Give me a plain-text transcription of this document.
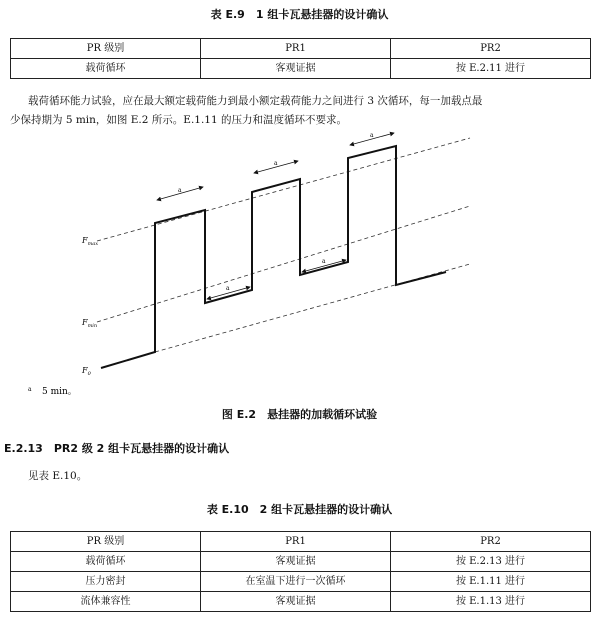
表 E.9　1 组卡瓦悬挂器的设计确认
PR 级别	PR1	PR2
载荷循环	客观证据	按 E.2.11 进行
载荷循环能力试验，应在最大额定载荷能力到最小额定载荷能力之间进行 3 次循环，每一加载点最
少保持期为 5 min，如图 E.2 所示。E.1.11 的压力和温度循环不要求。
a
a
a
a
a
$F_{max}$
$F_{min}$
$F_0$
a 5 min。
图 E.2　悬挂器的加载循环试验
E.2.13　PR2 级 2 组卡瓦悬挂器的设计确认
见表 E.10。
表 E.10　2 组卡瓦悬挂器的设计确认
PR 级别	PR1	PR2
载荷循环	客观证据	按 E.2.13 进行
压力密封	在室温下进行一次循环	按 E.1.11 进行
流体兼容性	客观证据	按 E.1.13 进行
